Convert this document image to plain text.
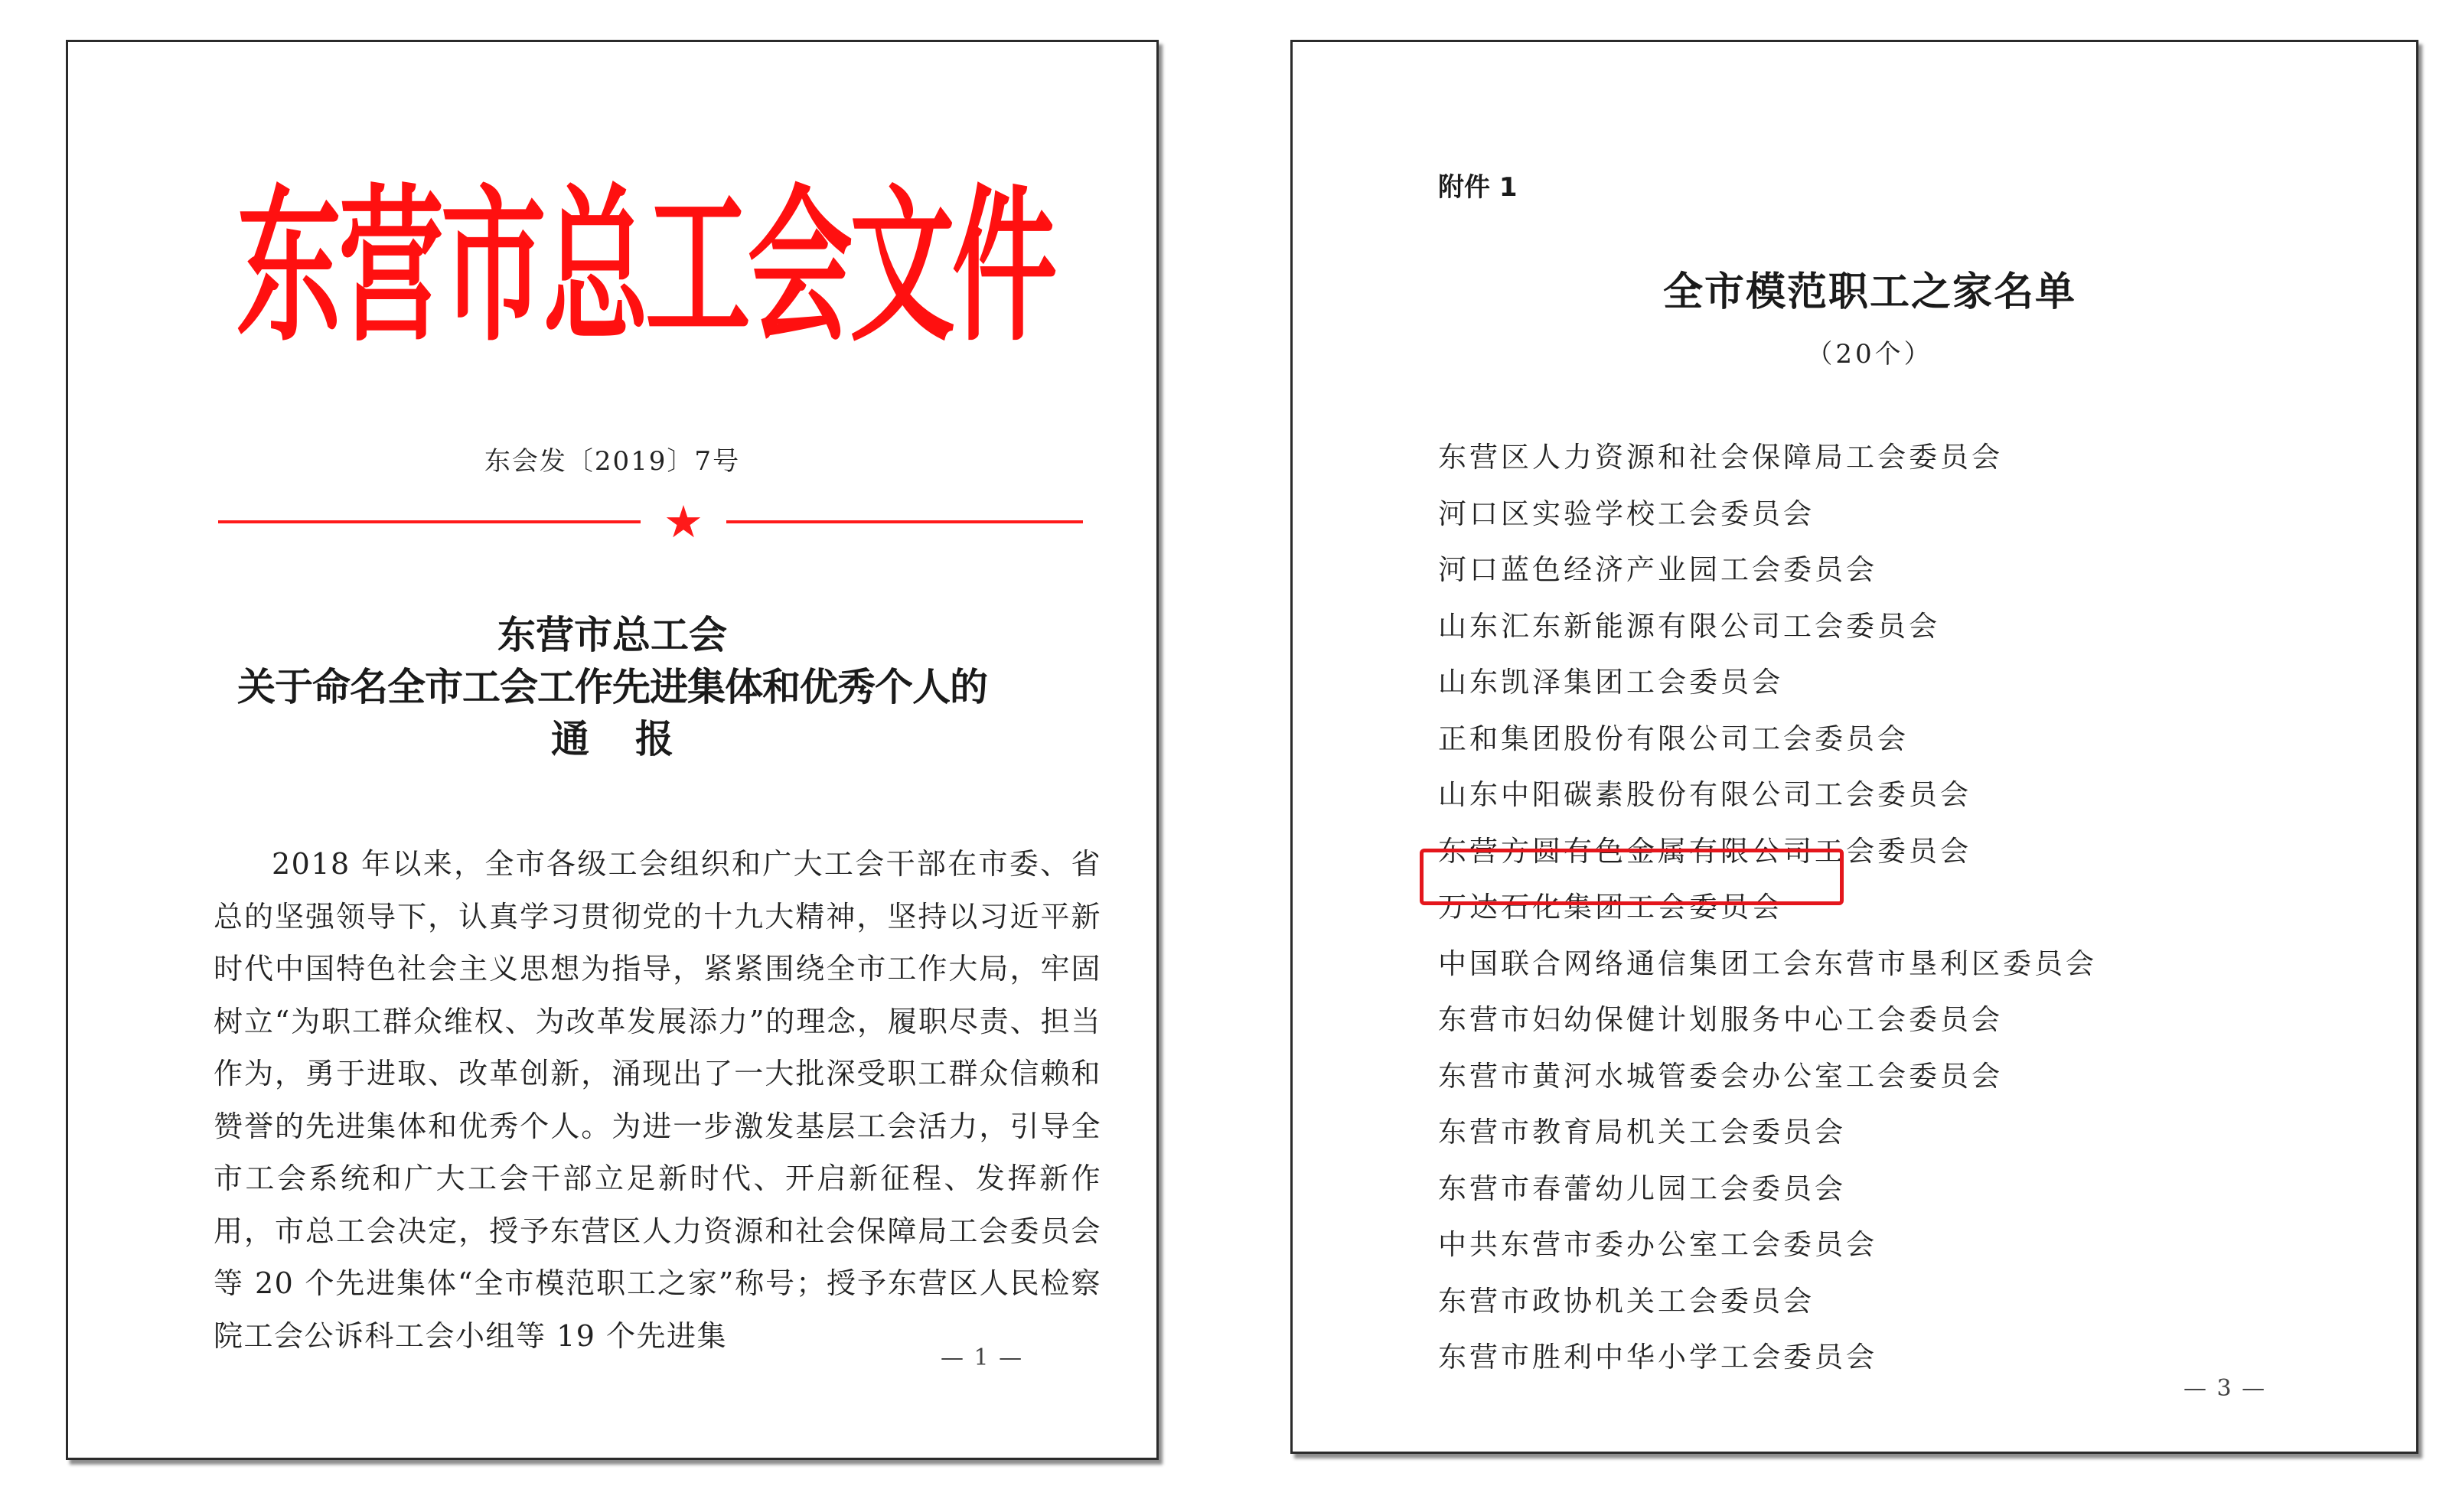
东营市总工会文件
东会发〔2019〕7号
★
东营市总工会
关于命名全市工会工作先进集体和优秀个人的
通报
2018 年以来，全市各级工会组织和广大工会干部在市委、省总的坚强领导下，认真学习贯彻党的十九大精神，坚持以习近平新时代中国特色社会主义思想为指导，紧紧围绕全市工作大局，牢固树立“为职工群众维权、为改革发展添力”的理念，履职尽责、担当作为，勇于进取、改革创新，涌现出了一大批深受职工群众信赖和赞誉的先进集体和优秀个人。为进一步激发基层工会活力，引导全市工会系统和广大工会干部立足新时代、开启新征程、发挥新作用，市总工会决定，授予东营区人力资源和社会保障局工会委员会等 20 个先进集体“全市模范职工之家”称号；授予东营区人民检察院工会公诉科工会小组等 19 个先进集
— 1 —
附件 1
全市模范职工之家名单
（20个）
东营区人力资源和社会保障局工会委员会
河口区实验学校工会委员会
河口蓝色经济产业园工会委员会
山东汇东新能源有限公司工会委员会
山东凯泽集团工会委员会
正和集团股份有限公司工会委员会
山东中阳碳素股份有限公司工会委员会
东营方圆有色金属有限公司工会委员会
万达石化集团工会委员会
中国联合网络通信集团工会东营市垦利区委员会
东营市妇幼保健计划服务中心工会委员会
东营市黄河水城管委会办公室工会委员会
东营市教育局机关工会委员会
东营市春蕾幼儿园工会委员会
中共东营市委办公室工会委员会
东营市政协机关工会委员会
东营市胜利中华小学工会委员会
— 3 —
